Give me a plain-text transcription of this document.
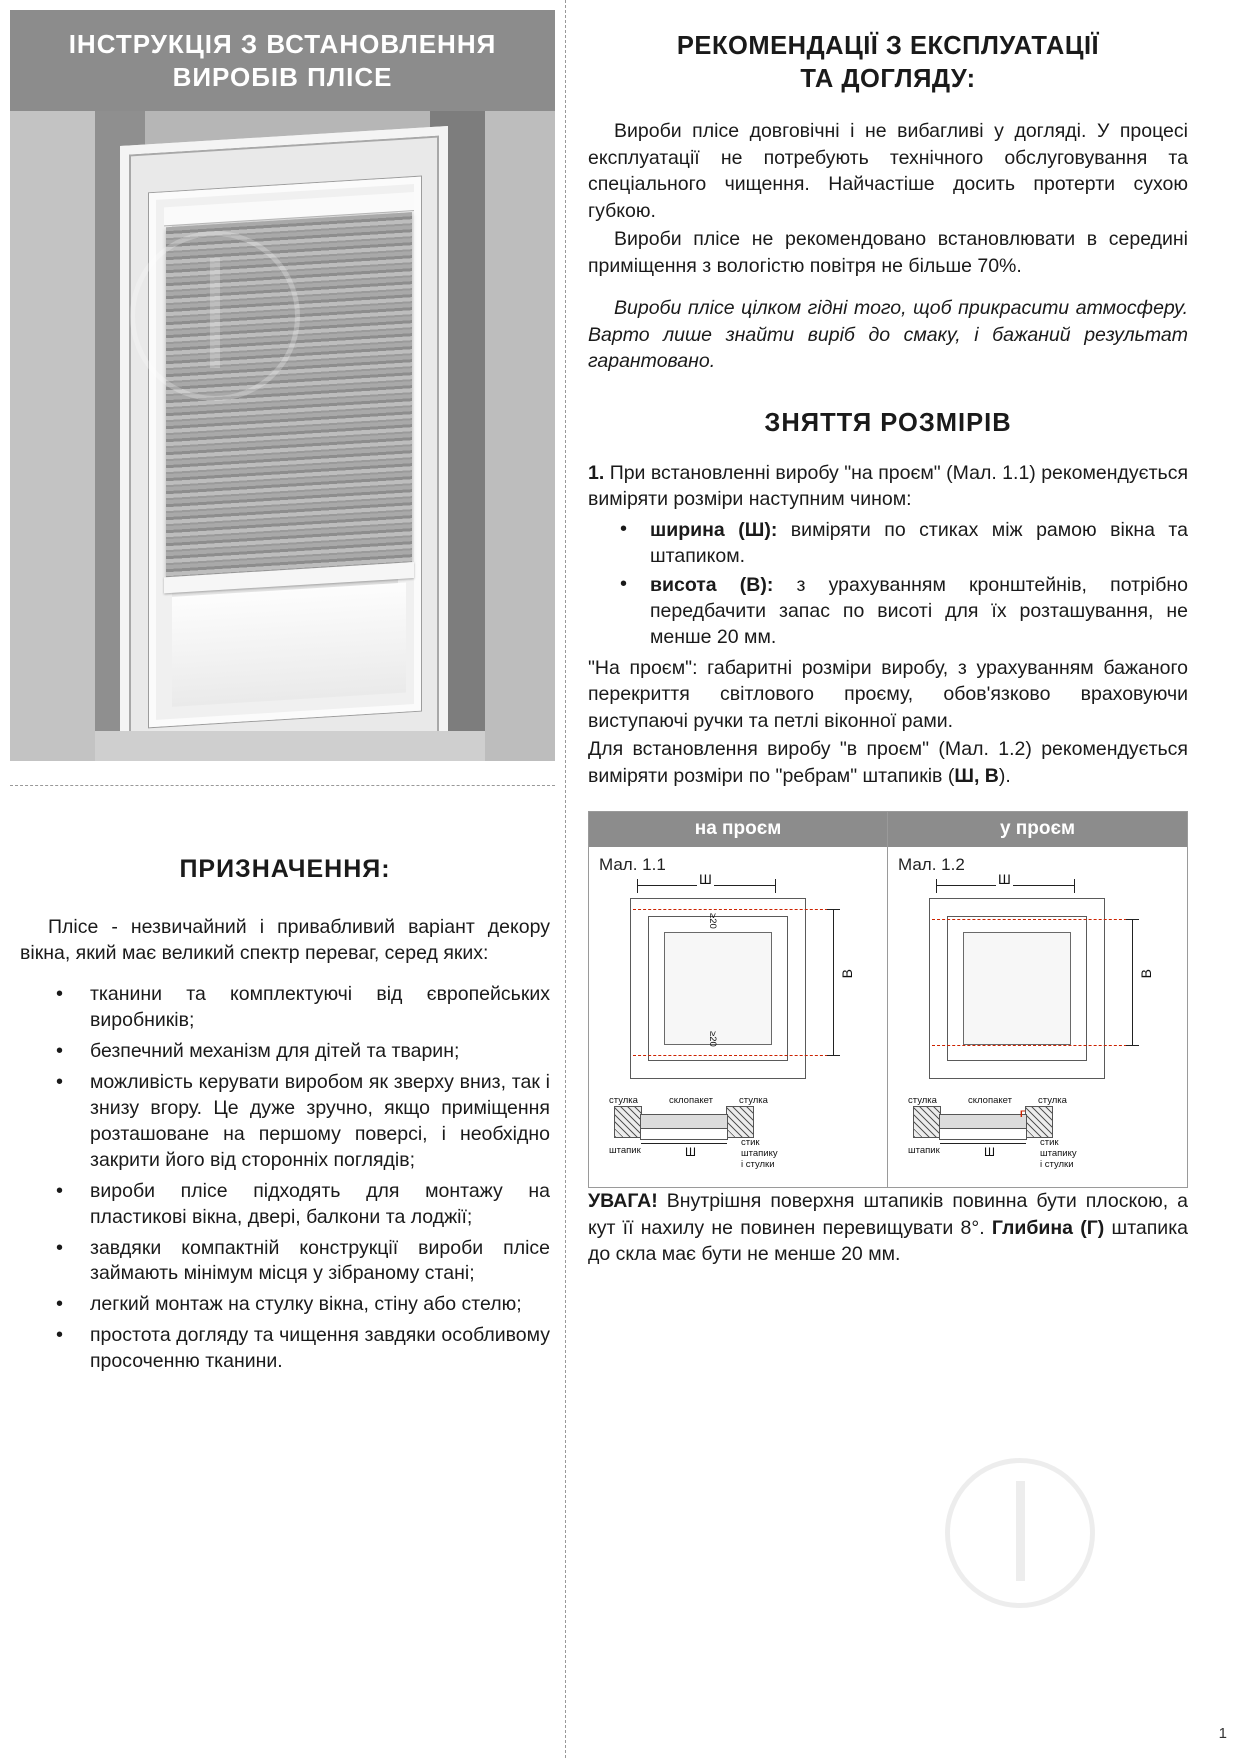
ІНСТРУКЦІЯ З ВСТАНОВЛЕННЯ
ВИРОБІВ ПЛІСЕ
ПРИЗНАЧЕННЯ:

Пліcе - незвичайний і привабливий варіант декору вікна, який має великий спектр переваг, серед яких:

• тканини та комплектуючі від європейських виробників;
• безпечний механізм для дітей та тварин;
• можливість керувати виробом як зверху вниз, так і знизу вгору. Це дуже зручно, якщо приміщення розташоване на першому поверсі, і необхідно закрити його від сторонніх поглядів;
• вироби пліcе підходять для монтажу на пластикові вікна, двері, балкони та лоджії;
• завдяки компактній конструкції вироби пліcе займають мінімум місця у зібраному стані;
• легкий монтаж на стулку вікна, стіну або стелю;
• простота догляду та чищення завдяки особливому просоченню тканини.
РЕКОМЕНДАЦІЇ З ЕКСПЛУАТАЦІЇ
ТА ДОГЛЯДУ:

Вироби пліcе довговічні і не вибагливі у догляді. У процесі експлуатації не потребують технічного обслуговування та спеціального чищення. Найчастіше досить протерти сухою губкою.

Вироби пліcе не рекомендовано встановлювати в середині приміщення з вологістю повітря не більше 70%.

Вироби пліcе цілком гідні того, щоб прикрасити атмосферу. Варто лише знайти виріб до смаку, і бажаний результат гарантовано.

ЗНЯТТЯ РОЗМІРІВ

1. При встановленні виробу "на проєм" (Мал. 1.1) рекомендується виміряти розміри наступним чином:

• ширина (Ш): виміряти по стиках між рамою вікна та штапиком.
• висота (В): з урахуванням кронштейнів, потрібно передбачити запас по висоті для їх розташування, не менше 20 мм.

"На проєм": габаритні розміри виробу, з урахуванням бажаного перекриття світлового проєму, обов'язково враховуючи виступаючі ручки та петлі віконної рами.

Для встановлення виробу "в проєм" (Мал. 1.2) рекомендується виміряти розміри по "ребрам" штапиків (Ш, В).

на проєм
Мал. 1.1
Ш
≥20
≥20
В
стулка	склопакет	стулка
штапик	Ш
стик
штапику
і стулки
у проєм
Мал. 1.2
Ш
В
стулка	склопакет	стулка
штапик	Ш
Г
стик
штапику
і стулки

УВАГА! Внутрішня поверхня штапиків повинна бути плоскою, а кут її нахилу не повинен перевищувати 8°. Глибина (Г) штапика до скла має бути не менше 20 мм.

1
